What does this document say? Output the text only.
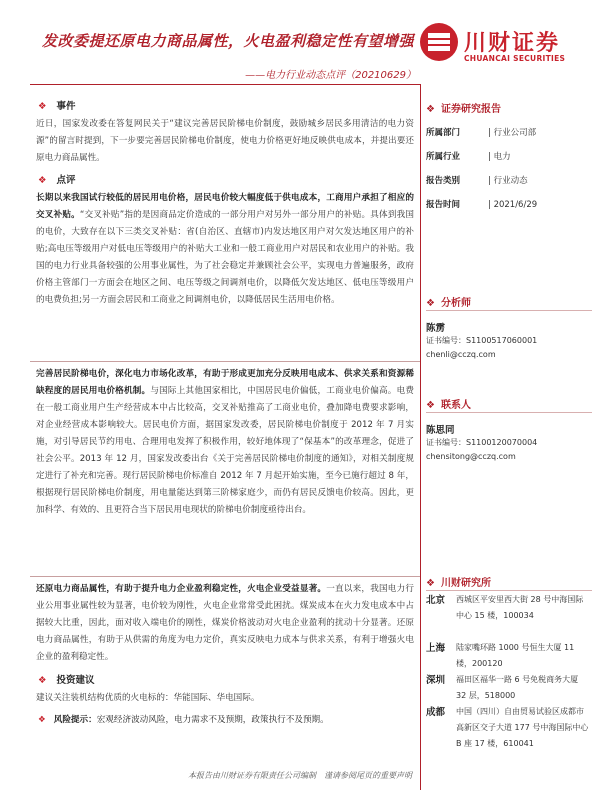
发改委提还原电力商品属性，火电盈利稳定性有望增强
——电力行业动态点评（20210629）
川财证券
CHUANCAI SECURITIES
❖ 事件
近日，国家发改委在答复网民关于“建议完善居民阶梯电价制度，鼓励城乡居民多用清洁的电力资源”的留言时提到，下一步要完善居民阶梯电价制度，使电力价格更好地反映供电成本，并提出要还原电力商品属性。
❖ 点评
长期以来我国试行较低的居民用电价格，居民电价较大幅度低于供电成本，工商用户承担了相应的交叉补贴。“交叉补贴”指的是因商品定价造成的一部分用户对另外一部分用户的补贴。具体到我国的电价，大致存在以下三类交叉补贴：省(自治区、直辖市)内发达地区用户对欠发达地区用户的补贴;高电压等级用户对低电压等级用户的补贴大工业和一般工商业用户对居民和农业用户的补贴。我国的电力行业具备较强的公用事业属性，为了社会稳定并兼顾社会公平，实现电力普遍服务，政府价格主管部门一方面会在地区之间、电压等级之间调剂电价，以降低欠发达地区、低电压等级用户的电费负担;另一方面会居民和工商业之间调剂电价，以降低居民生活用电价格。
完善居民阶梯电价，深化电力市场化改革，有助于形成更加充分反映用电成本、供求关系和资源稀缺程度的居民用电价格机制。与国际上其他国家相比，中国居民电价偏低，工商业电价偏高。电费在一般工商业用户生产经营成本中占比较高，交叉补贴推高了工商业电价，叠加降电费要求影响，对企业经营成本影响较大。居民电价方面，据国家发改委，居民阶梯电价制度于 2012 年 7 月实施，对引导居民节约用电、合理用电发挥了积极作用，较好地体现了“保基本”的改革理念，促进了社会公平。2013 年 12 月，国家发改委出台《关于完善居民阶梯电价制度的通知》，对相关制度规定进行了补充和完善。现行居民阶梯电价标准自 2012 年 7 月起开始实施，至今已施行超过 8 年，根据现行居民阶梯电价制度，用电量能达到第三阶梯家庭少，而仍有居民反馈电价较高。因此，更加科学、有效的、且更符合当下居民用电现状的阶梯电价制度亟待出台。
还原电力商品属性，有助于提升电力企业盈利稳定性，火电企业受益显著。一直以来，我国电力行业公用事业属性较为显著，电价较为刚性，火电企业常常受此困扰。煤炭成本在火力发电成本中占据较大比重，因此，面对收入端电价的刚性，煤炭价格波动对火电企业盈利的扰动十分显著。还原电力商品属性，有助于从供需的角度为电力定价，真实反映电力成本与供求关系，有利于增强火电企业的盈利稳定性。
❖ 投资建议
建议关注装机结构优质的火电标的：华能国际、华电国际。
❖ 风险提示：宏观经济波动风险，电力需求不及预期，政策执行不及预期。
本报告由川财证券有限责任公司编制　谨请参阅尾页的重要声明
❖ 证券研究报告
所属部门	| 行业公司部
所属行业	| 电力
报告类别	| 行业动态
报告时间	| 2021/6/29
❖ 分析师
陈雳
证书编号：S1100517060001
chenli@cczq.com
❖ 联系人
陈思同
证书编号：S1100120070004
chensitong@cczq.com
❖ 川财研究所
北京 西城区平安里西大街 28 号中海国际中心 15 楼，100034
上海 陆家嘴环路 1000 号恒生大厦 11 楼，200120
深圳 福田区福华一路 6 号免税商务大厦 32 层，518000
成都 中国（四川）自由贸易试验区成都市高新区交子大道 177 号中海国际中心 B 座 17 楼，610041
